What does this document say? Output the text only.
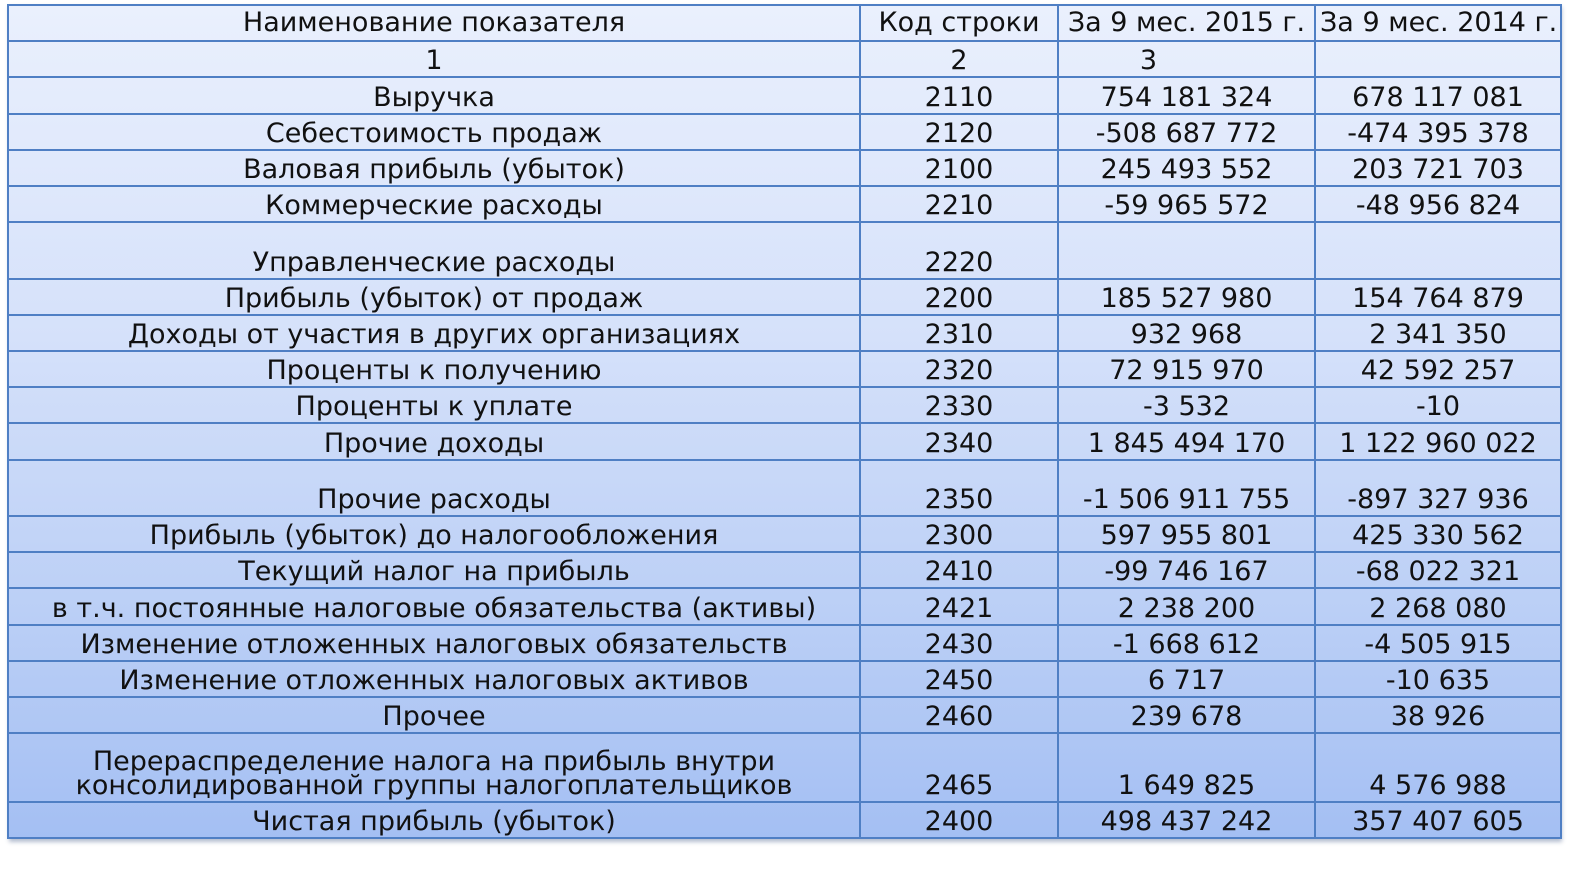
Наименование показателя	Код строки	За 9 мес. 2015 г.	За 9 мес. 2014 г.
1	2	3	
Выручка	2110	754 181 324	678 117 081
Себестоимость продаж	2120	-508 687 772	-474 395 378
Валовая прибыль (убыток)	2100	245 493 552	203 721 703
Коммерческие расходы	2210	-59 965 572	-48 956 824
Управленческие расходы	2220		
Прибыль (убыток) от продаж	2200	185 527 980	154 764 879
Доходы от участия в других организациях	2310	932 968	2 341 350
Проценты к получению	2320	72 915 970	42 592 257
Проценты к уплате	2330	-3 532	-10
Прочие доходы	2340	1 845 494 170	1 122 960 022
Прочие расходы	2350	-1 506 911 755	-897 327 936
Прибыль (убыток) до налогообложения	2300	597 955 801	425 330 562
Текущий налог на прибыль	2410	-99 746 167	-68 022 321
в т.ч. постоянные налоговые обязательства (активы)	2421	2 238 200	2 268 080
Изменение отложенных налоговых обязательств	2430	-1 668 612	-4 505 915
Изменение отложенных налоговых активов	2450	6 717	-10 635
Прочее	2460	239 678	38 926
Перераспределение налога на прибыль внутри консолидированной группы налогоплательщиков	2465	1 649 825	4 576 988
Чистая прибыль (убыток)	2400	498 437 242	357 407 605
